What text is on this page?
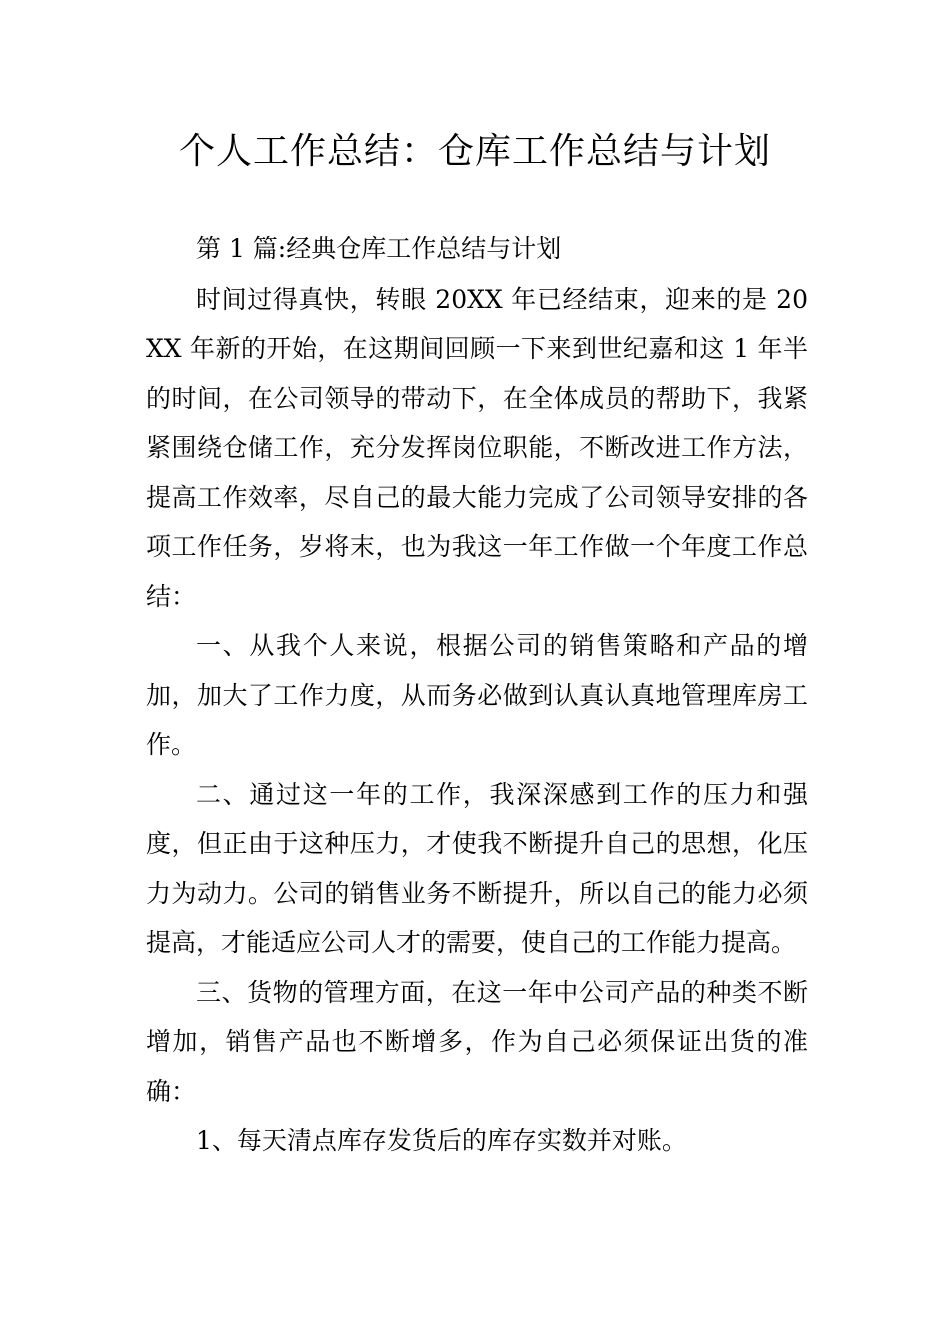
个人工作总结：仓库工作总结与计划

第 1 篇:经典仓库工作总结与计划

时间过得真快，转眼 20XX 年已经结束，迎来的是 20XX 年新的开始，在这期间回顾一下来到世纪嘉和这 1 年半的时间，在公司领导的带动下，在全体成员的帮助下，我紧紧围绕仓储工作，充分发挥岗位职能，不断改进工作方法，提高工作效率，尽自己的最大能力完成了公司领导安排的各项工作任务，岁将末，也为我这一年工作做一个年度工作总结：

一、从我个人来说，根据公司的销售策略和产品的增加，加大了工作力度，从而务必做到认真认真地管理库房工作。

二、通过这一年的工作，我深深感到工作的压力和强度，但正由于这种压力，才使我不断提升自己的思想，化压力为动力。公司的销售业务不断提升，所以自己的能力必须提高，才能适应公司人才的需要，使自己的工作能力提高。

三、货物的管理方面，在这一年中公司产品的种类不断增加，销售产品也不断增多，作为自己必须保证出货的准确：

1、每天清点库存发货后的库存实数并对账。
